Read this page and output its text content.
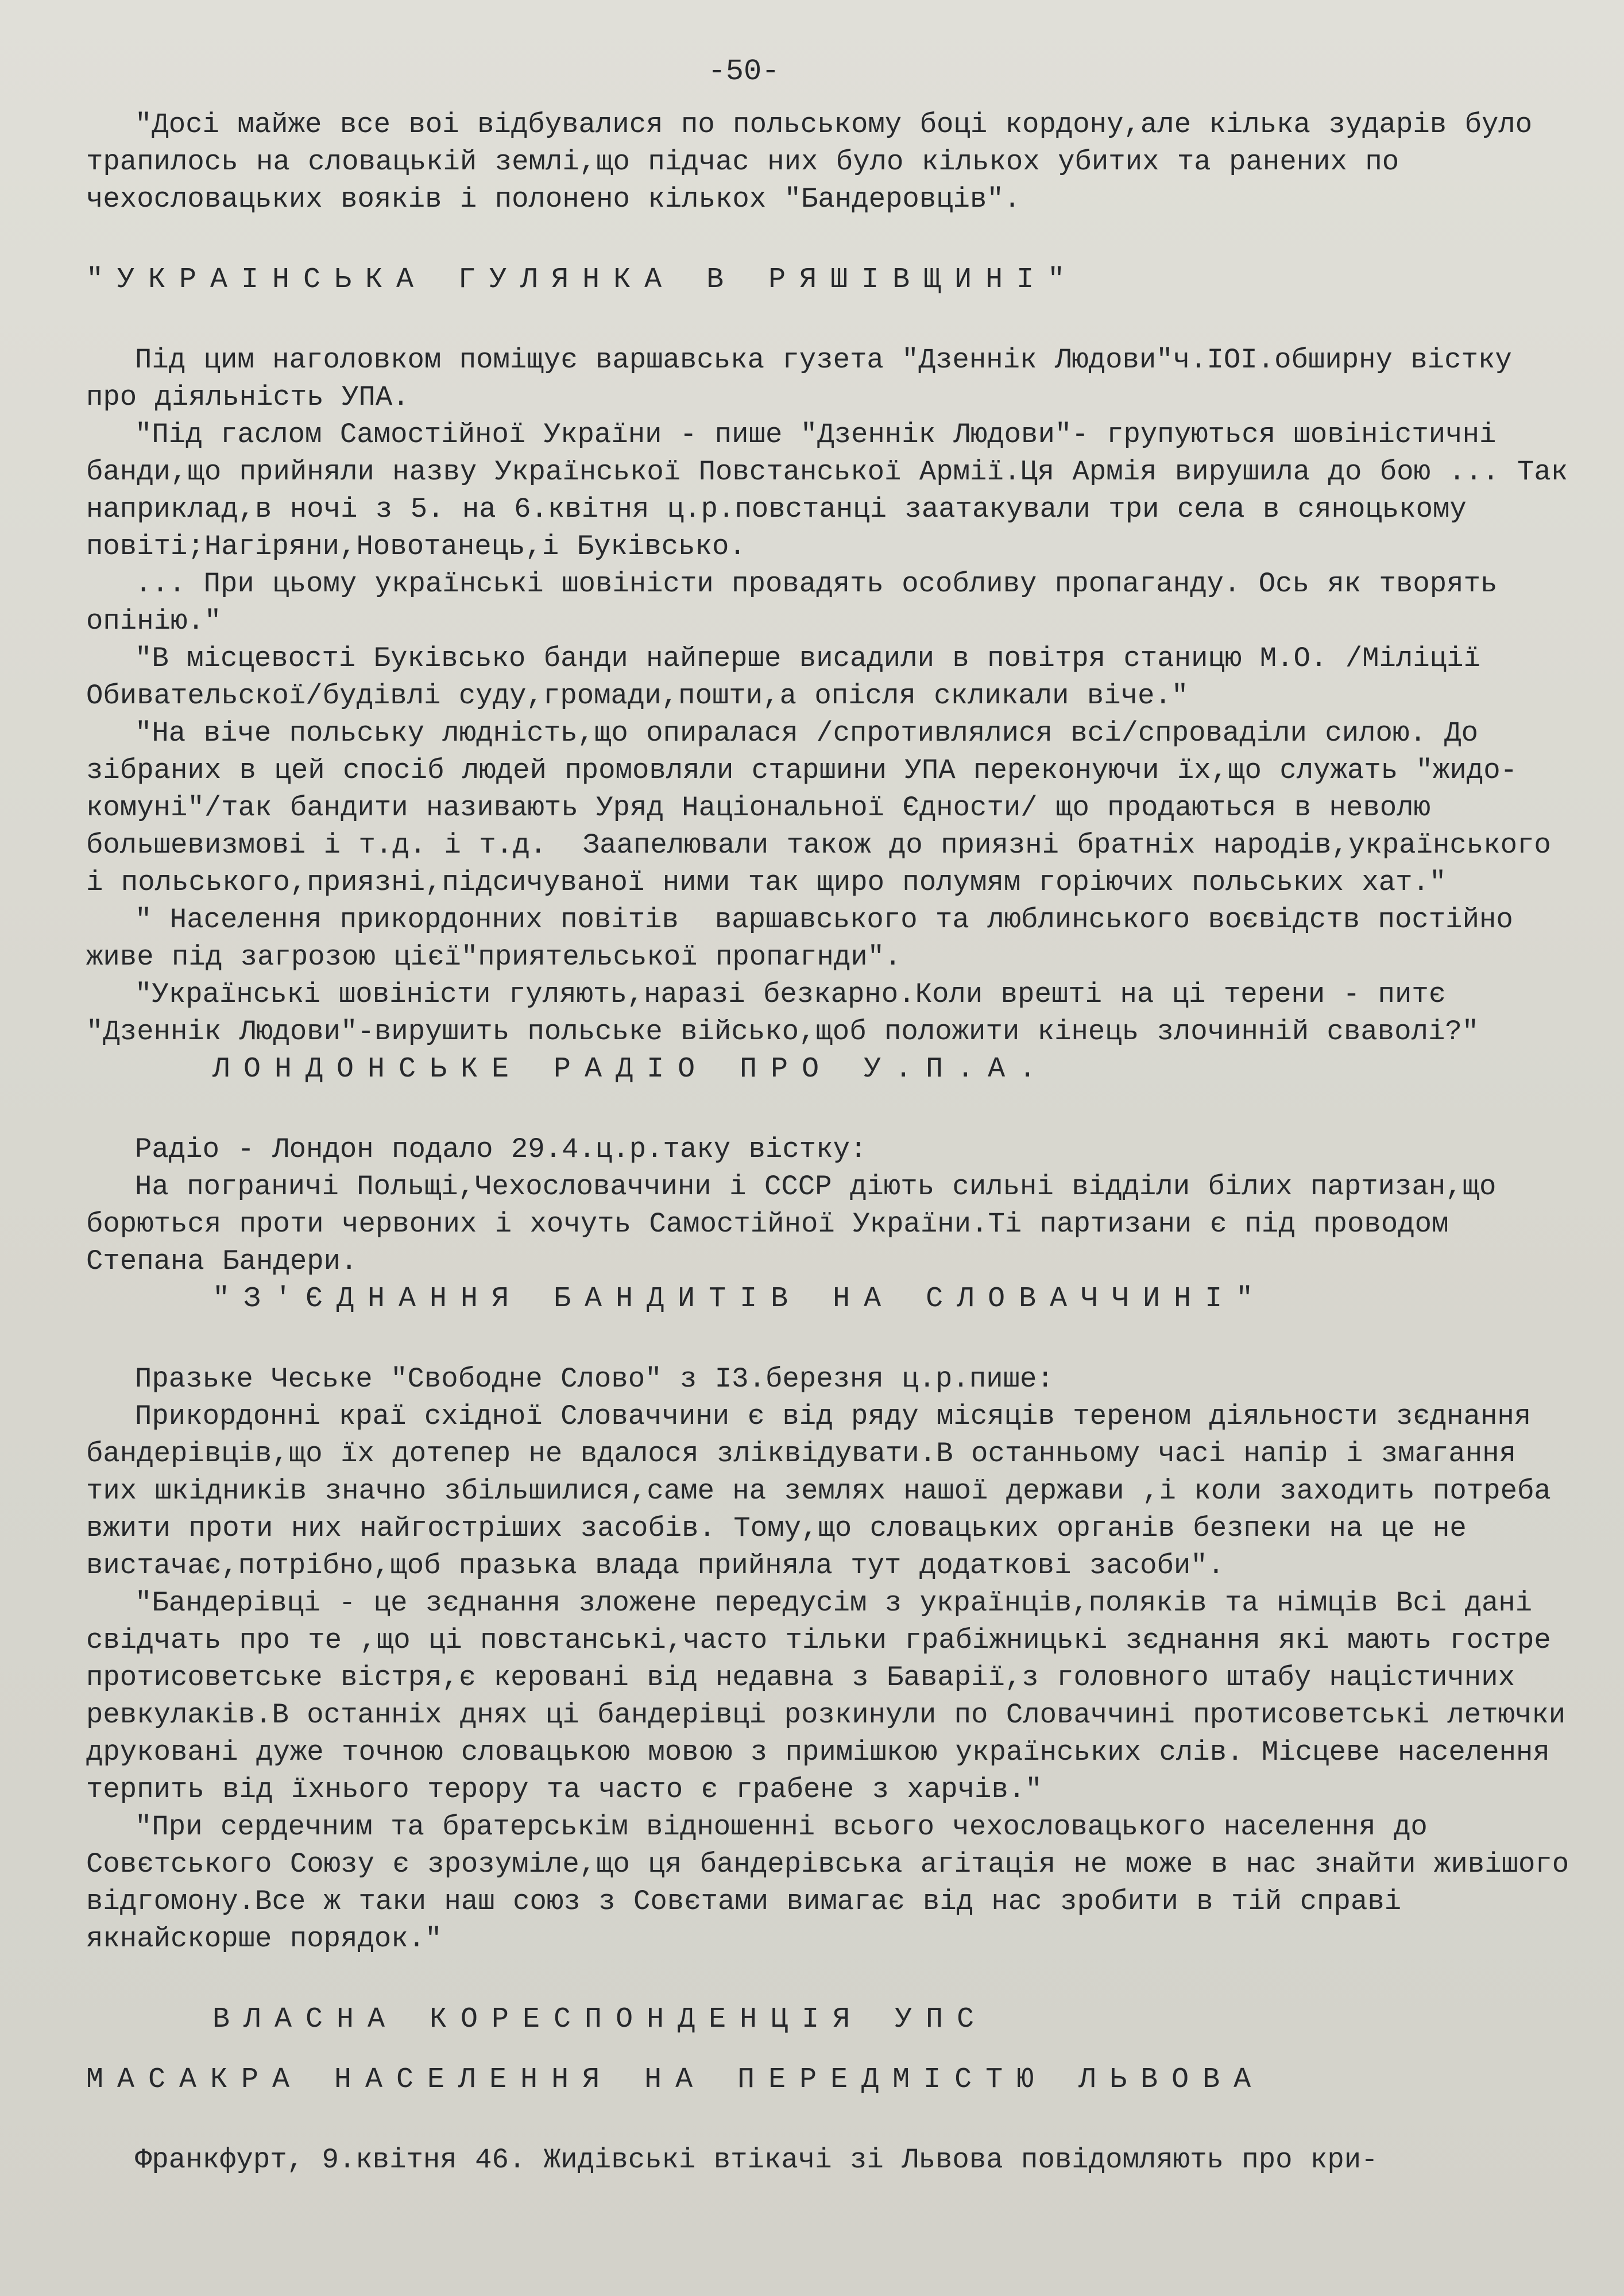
-50-

"Досі майже все воі відбувалися по польському боці кордону,але кілька зударів було трапилось на словацькій землі,що підчас них було кількох убитих та ранених по чехословацьких вояків і полонено кількох "Бандеровців".

"УКРАІНСЬКА ГУЛЯНКА В РЯШІВЩИНІ"

Під цим наголовком поміщує варшавська гузета "Дзеннік Людови"ч.IOI.обширну вістку про діяльність УПА.

"Під гаслом Самостійної України - пише "Дзеннік Людови"- групуються шовіністичні банди,що прийняли назву Української Повстанської Армії.Ця Армія вирушила до бою ... Так наприклад,в ночі з 5. на 6.квітня ц.р.повстанці заатакували три села в сяноцькому повіті;Нагіряни,Новотанець,і Буківсько.

... При цьому українські шовіністи провадять особливу пропаганду. Ось як творять опінію."

"В місцевості Буківсько банди найперше висадили в повітря станицю М.О. /Міліції Обивательскої/будівлі суду,громади,пошти,а опісля скликали віче."

"На віче польську людність,що опиралася /спротивлялися всі/спроваділи силою. До зібраних в цей спосіб людей промовляли старшини УПА переконуючи їх,що служать "жидо-комуні"/так бандити називають Уряд Національної Єдности/ що продаються в неволю большевизмові і т.д. і т.д.  Заапелювали також до приязні братніх народів,українського і польського,приязні,підсичуваної ними так щиро полумям горіючих польських хат."

" Населення прикордонних повітів  варшавського та люблинського воєвідств постійно живе під загрозою цієї"приятельської пропагнди".

"Українські шовіністи гуляють,наразі безкарно.Коли врешті на ці терени - питє "Дзеннік Людови"-вирушить польське військо,щоб положити кінець злочинній сваволі?"

ЛОНДОНСЬКЕ РАДІО ПРО У.П.А.

Радіо - Лондон подало 29.4.ц.р.таку вістку:

На пограничі Польщі,Чехословаччини і СССР діють сильні відділи білих партизан,що борються проти червоних і хочуть Самостійної України.Ті партизани є під проводом Степана Бандери.

"З'ЄДНАННЯ БАНДИТІВ НА СЛОВАЧЧИНІ"

Празьке Чеське "Свободне Слово" з I3.березня ц.р.пише:

Прикордонні краї східної Словаччини є від ряду місяців тереном діяльности зєднання бандерівців,що їх дотепер не вдалося зліквідувати.В останньому часі напір і змагання тих шкідників значно збільшилися,саме на землях нашої держави ,і коли заходить потреба вжити проти них найгостріших засобів. Тому,що словацьких органів безпеки на це не вистачає,потрібно,щоб празька влада прийняла тут додаткові засоби".

"Бандерівці - це зєднання зложене передусім з українців,поляків та німців Всі дані свідчать про те ,що ці повстанські,часто тільки грабіжницькі зєднання які мають гостре протисоветське вістря,є керовані від недавна з Баварії,з головного штабу націстичних ревкулаків.В останніх днях ці бандерівці розкинули по Словаччині протисоветські летючки друковані дуже точною словацькою мовою з примішкою українських слів. Місцеве населення терпить від їхнього терору та часто є грабене з харчів."

"При сердечним та братерськім відношенні всього чехословацького населення до Совєтського Союзу є зрозуміле,що ця бандерівська агітація не може в нас знайти живішого відгомону.Все ж таки наш союз з Совєтами вимагає від нас зробити в тій справі якнайскорше порядок."

ВЛАСНА КОРЕСПОНДЕНЦІЯ УПС
МАСАКРА НАСЕЛЕННЯ НА ПЕРЕДМІСТЮ ЛЬВОВА

Франкфурт, 9.квітня 46. Жидівські втікачі зі Львова повідомляють про кри-
